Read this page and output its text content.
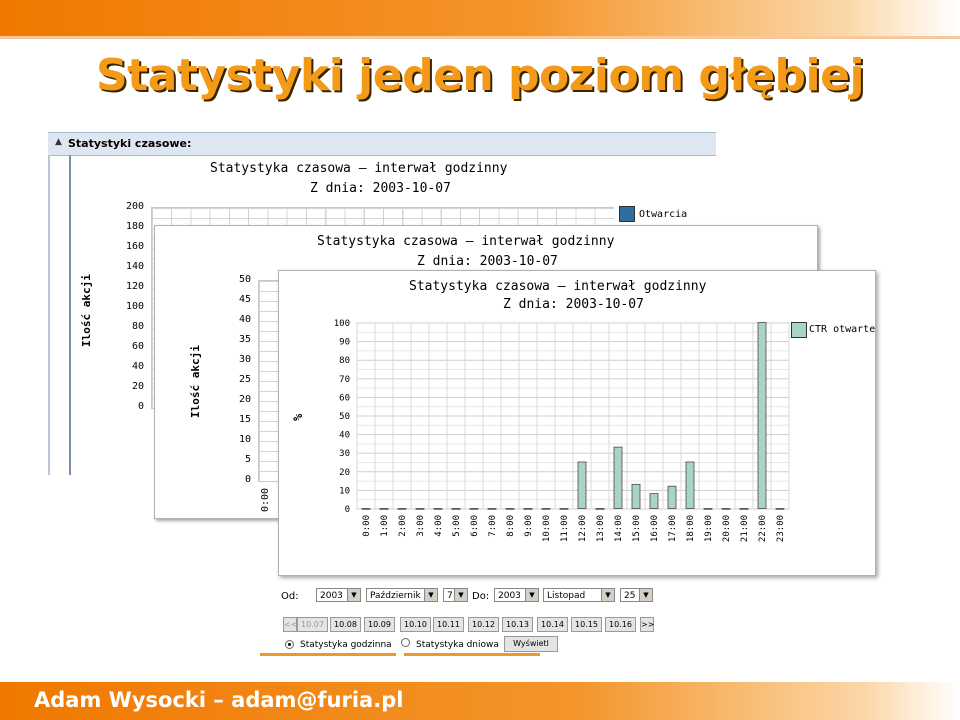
Statystyki jeden poziom głębiej
▲ Statystyki czasowe:
Statystyka czasowa – interwał godzinny
Z dnia: 2003-10-07
200
180
160
140
120
100
80
60
40
20
0
Ilość akcji
Otwarcia
Statystyka czasowa – interwał godzinny
Z dnia: 2003-10-07
50
45
40
35
30
25
20
15
10
5
0
Ilość akcji
0:00
Statystyka czasowa – interwał godzinny
Z dnia: 2003-10-07
%
CTR otwarte
100
90
80
70
60
50
40
30
20
10
0
0:00 1:00 2:00 3:00 4:00 5:00 6:00 7:00 8:00 9:00 10:00 11:00 12:00 13:00 14:00 15:00 16:00 17:00 18:00 19:00 20:00 21:00 22:00 23:00
Od:	2003	▼	Październik	▼	7 ▼ Do: 2003	▼	Listopad	▼	25	▼
<< 10.07	10.08	10.09	10.10	10.11	10.12	10.13	10.14	10.15	10.16	>>
Statystyka godzinna	Statystyka dniowa	Wyświetl
Adam Wysocki – adam@furia.pl
